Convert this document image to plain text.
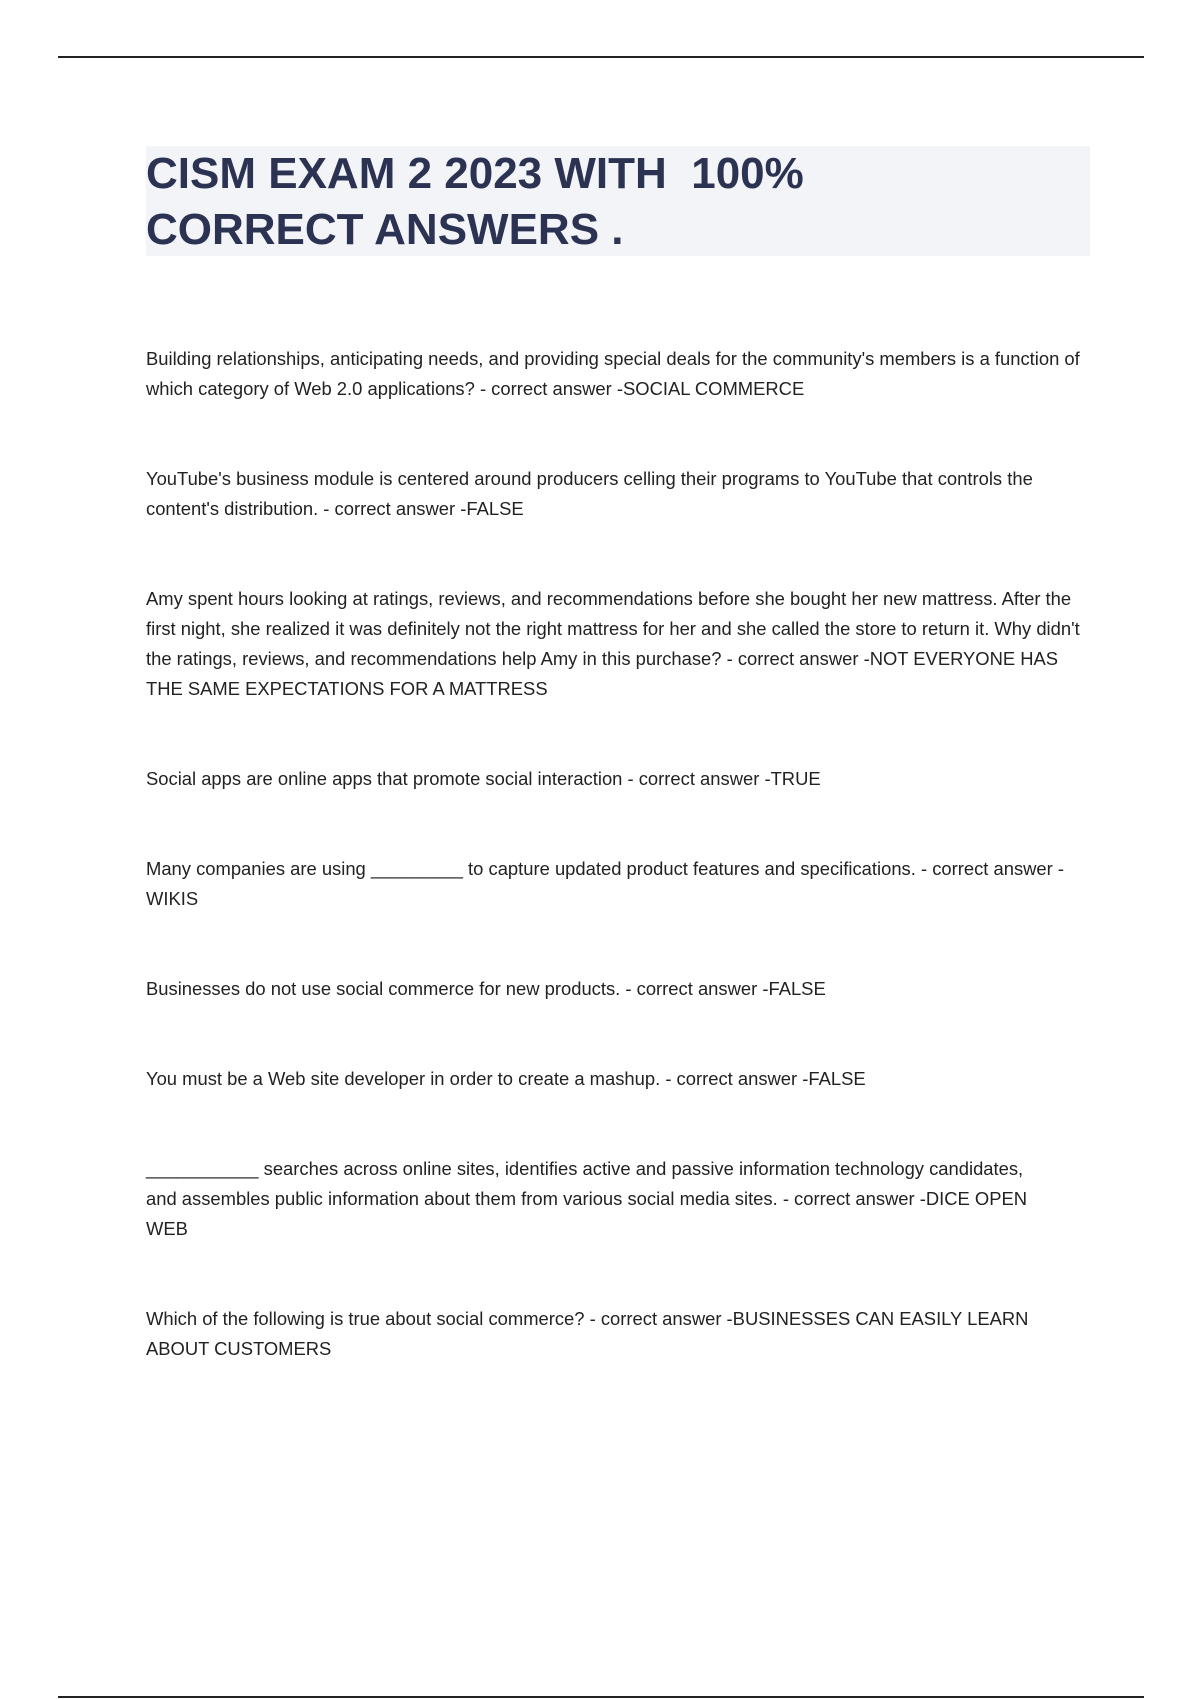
CISM EXAM 2 2023 WITH  100%
CORRECT ANSWERS .

Building relationships, anticipating needs, and providing special deals for the community's members is a function of which category of Web 2.0 applications? - correct answer -SOCIAL COMMERCE

YouTube's business module is centered around producers celling their programs to YouTube that controls the content's distribution. - correct answer -FALSE

Amy spent hours looking at ratings, reviews, and recommendations before she bought her new mattress. After the first night, she realized it was definitely not the right mattress for her and she called the store to return it. Why didn't the ratings, reviews, and recommendations help Amy in this purchase? - correct answer -NOT EVERYONE HAS THE SAME EXPECTATIONS FOR A MATTRESS

Social apps are online apps that promote social interaction - correct answer -TRUE

Many companies are using _________ to capture updated product features and specifications. - correct answer -WIKIS

Businesses do not use social commerce for new products. - correct answer -FALSE

You must be a Web site developer in order to create a mashup. - correct answer -FALSE

___________ searches across online sites, identifies active and passive information technology candidates, and assembles public information about them from various social media sites. - correct answer -DICE OPEN WEB

Which of the following is true about social commerce? - correct answer -BUSINESSES CAN EASILY LEARN ABOUT CUSTOMERS
